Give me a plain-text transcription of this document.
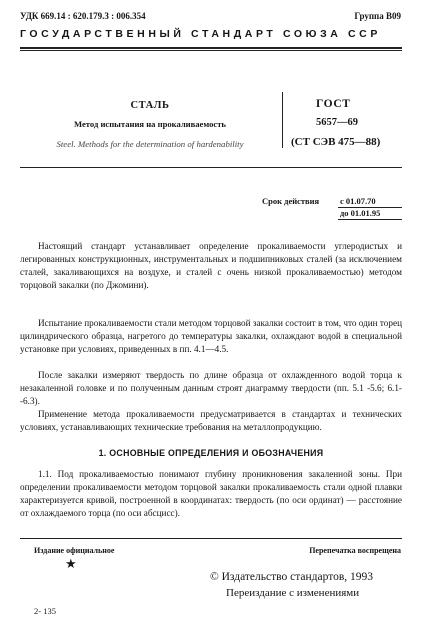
УДК 669.14 : 620.179.3 : 006.354	Группа В09
ГОСУДАРСТВЕННЫЙ СТАНДАРТ СОЮЗА ССР
СТАЛЬ
Метод испытания на прокаливаемость
Steel. Methods for the determination of hardenability
ГОСТ
5657—69
(СТ СЭВ 475—88)
Срок действия с 01.07.70
до 01.01.95

Настоящий стандарт устанавливает определение прокаливаемости углеродистых и легированных конструкционных, инструментальных и подшипниковых сталей (за исключением сталей, закаливающихся на воздухе, и сталей с очень низкой прокаливаемостью) методом торцовой закалки (по Джомини).

Испытание прокаливаемости стали методом торцовой закалки состоит в том, что один торец цилиндрического образца, нагретого до температуры закалки, охлаждают водой в специальной установке при условиях, приведенных в пп. 4.1—4.5.

После закалки измеряют твердость по длине образца от охлажденного водой торца к незакаленной головке и по полученным данным строят диаграмму твердости (пп. 5.1 -5.6; 6.1- -6.3).

Применение метода прокаливаемости предусматривается в стандартах и технических условиях, устанавливающих технические требования на металлопродукцию.

1. ОСНОВНЫЕ ОПРЕДЕЛЕНИЯ И ОБОЗНАЧЕНИЯ

1.1. Под прокаливаемостью понимают глубину проникновения закаленной зоны. При определении прокаливаемости методом торцовой закалки прокаливаемость стали одной плавки характеризуется кривой, построенной в координатах: твердость (по оси ординат) — расстояние от охлаждаемого торца (по оси абсцисс).

Издание официальное	Перепечатка воспрещена
★
© Издательство стандартов, 1993
Переиздание с изменениями
2- 135
